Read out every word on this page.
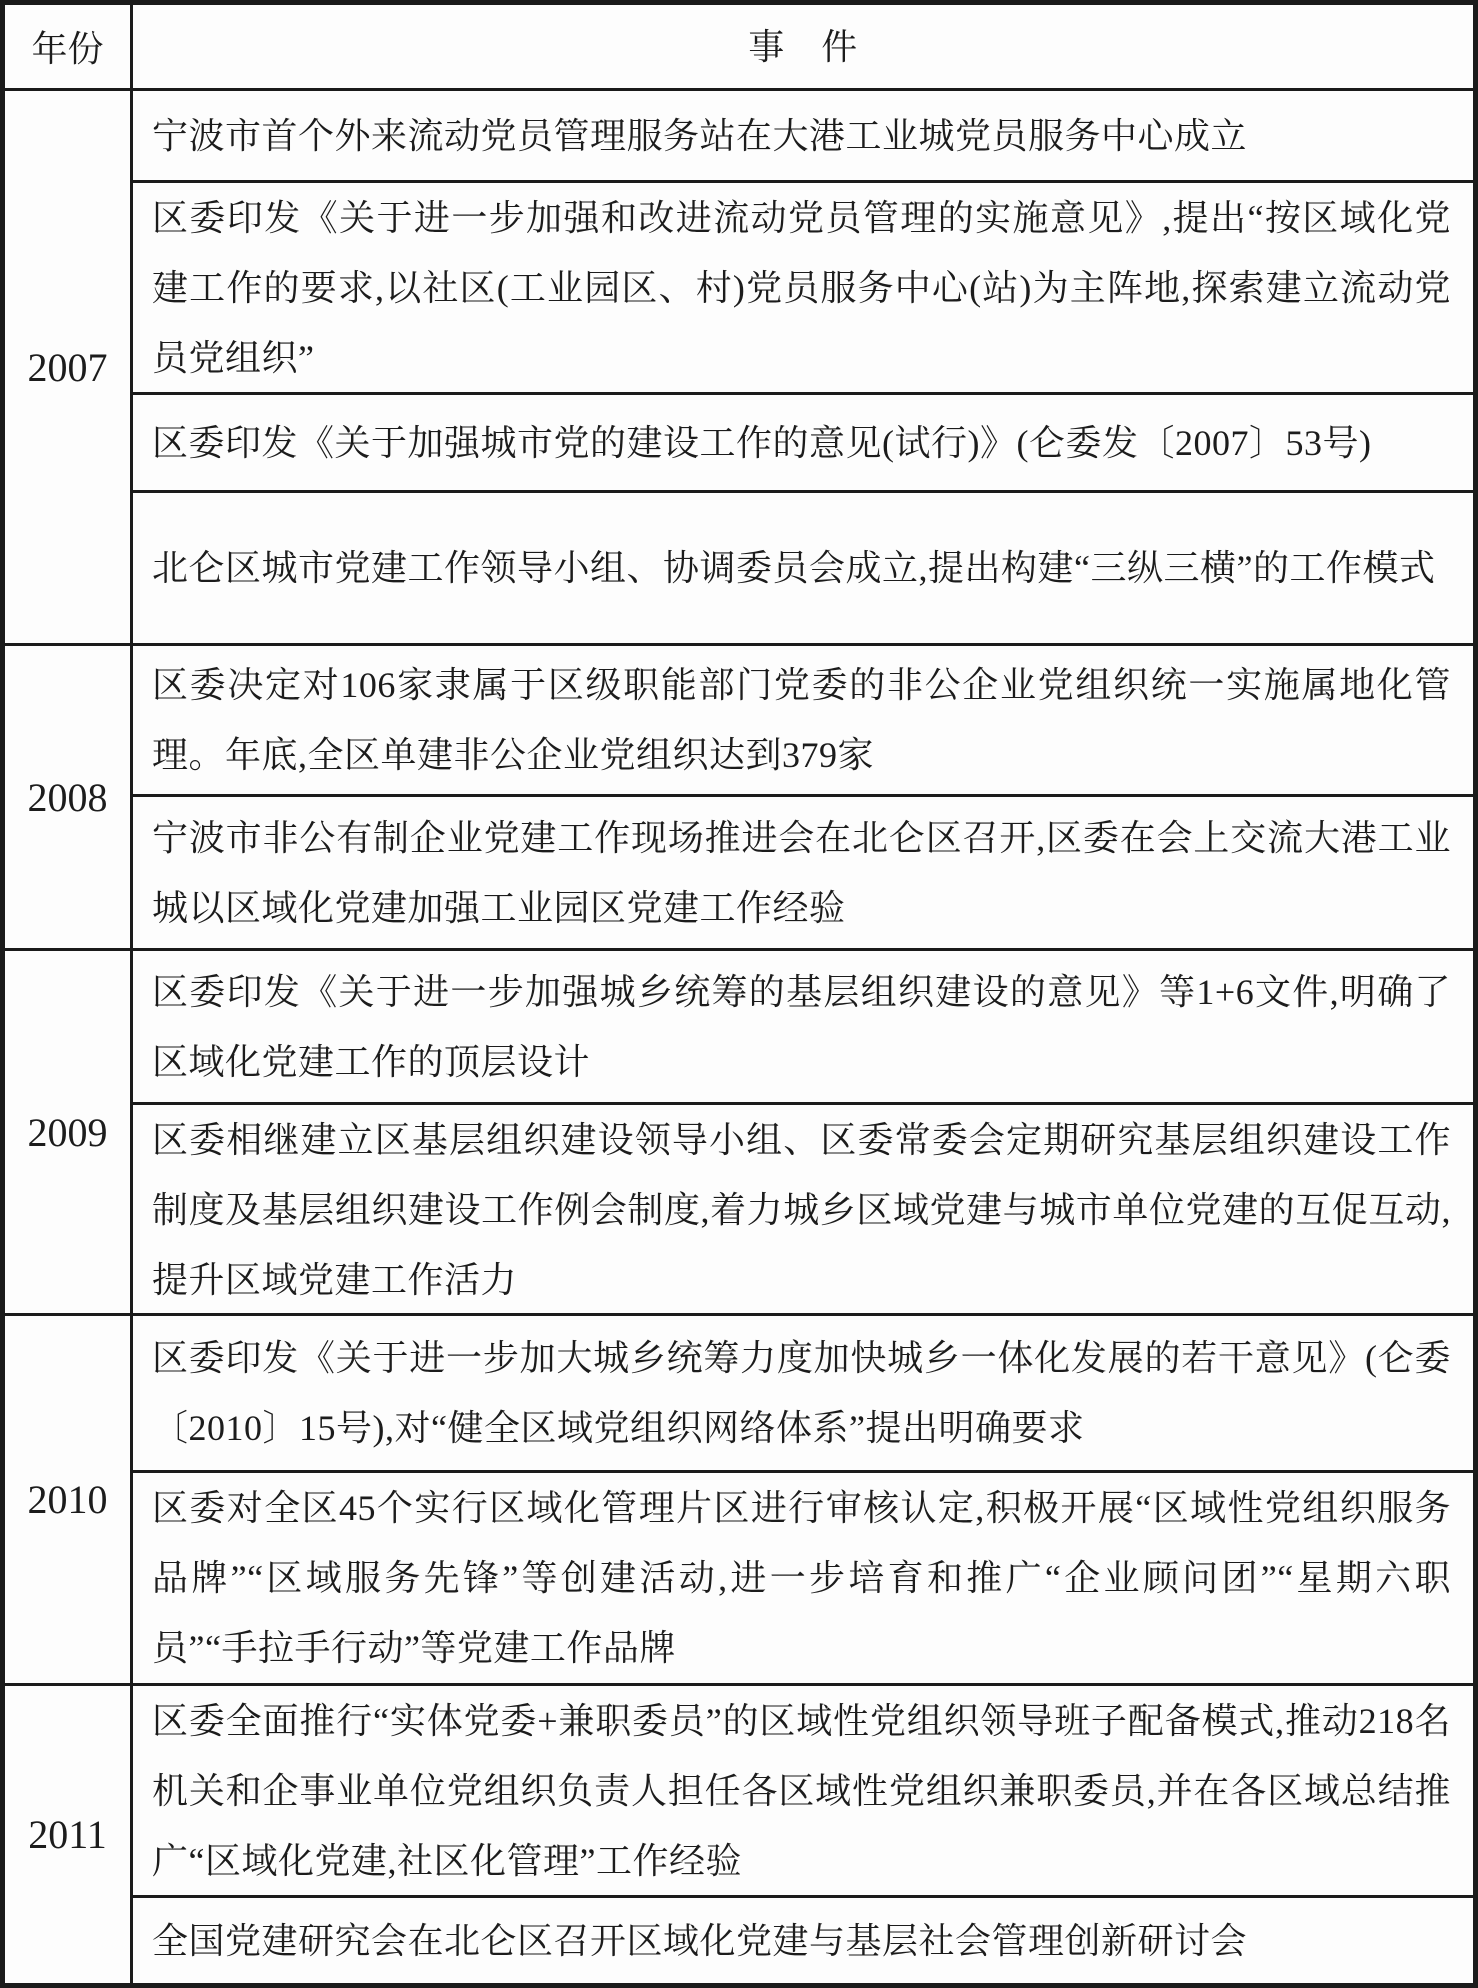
年份	事　件
2007
宁波市首个外来流动党员管理服务站在大港工业城党员服务中心成立
区委印发《关于进一步加强和改进流动党员管理的实施意见》,提出“按区域化党建工作的要求,以社区(工业园区、村)党员服务中心(站)为主阵地,探索建立流动党员党组织”
区委印发《关于加强城市党的建设工作的意见(试行)》(仑委发〔2007〕53号)
北仑区城市党建工作领导小组、协调委员会成立,提出构建“三纵三横”的工作模式
2008
区委决定对106家隶属于区级职能部门党委的非公企业党组织统一实施属地化管理。年底,全区单建非公企业党组织达到379家
宁波市非公有制企业党建工作现场推进会在北仑区召开,区委在会上交流大港工业城以区域化党建加强工业园区党建工作经验
2009
区委印发《关于进一步加强城乡统筹的基层组织建设的意见》等1+6文件,明确了区域化党建工作的顶层设计
区委相继建立区基层组织建设领导小组、区委常委会定期研究基层组织建设工作制度及基层组织建设工作例会制度,着力城乡区域党建与城市单位党建的互促互动,提升区域党建工作活力
2010
区委印发《关于进一步加大城乡统筹力度加快城乡一体化发展的若干意见》(仑委〔2010〕15号),对“健全区域党组织网络体系”提出明确要求
区委对全区45个实行区域化管理片区进行审核认定,积极开展“区域性党组织服务品牌”“区域服务先锋”等创建活动,进一步培育和推广“企业顾问团”“星期六职员”“手拉手行动”等党建工作品牌
2011
区委全面推行“实体党委+兼职委员”的区域性党组织领导班子配备模式,推动218名机关和企事业单位党组织负责人担任各区域性党组织兼职委员,并在各区域总结推广“区域化党建,社区化管理”工作经验
全国党建研究会在北仑区召开区域化党建与基层社会管理创新研讨会
